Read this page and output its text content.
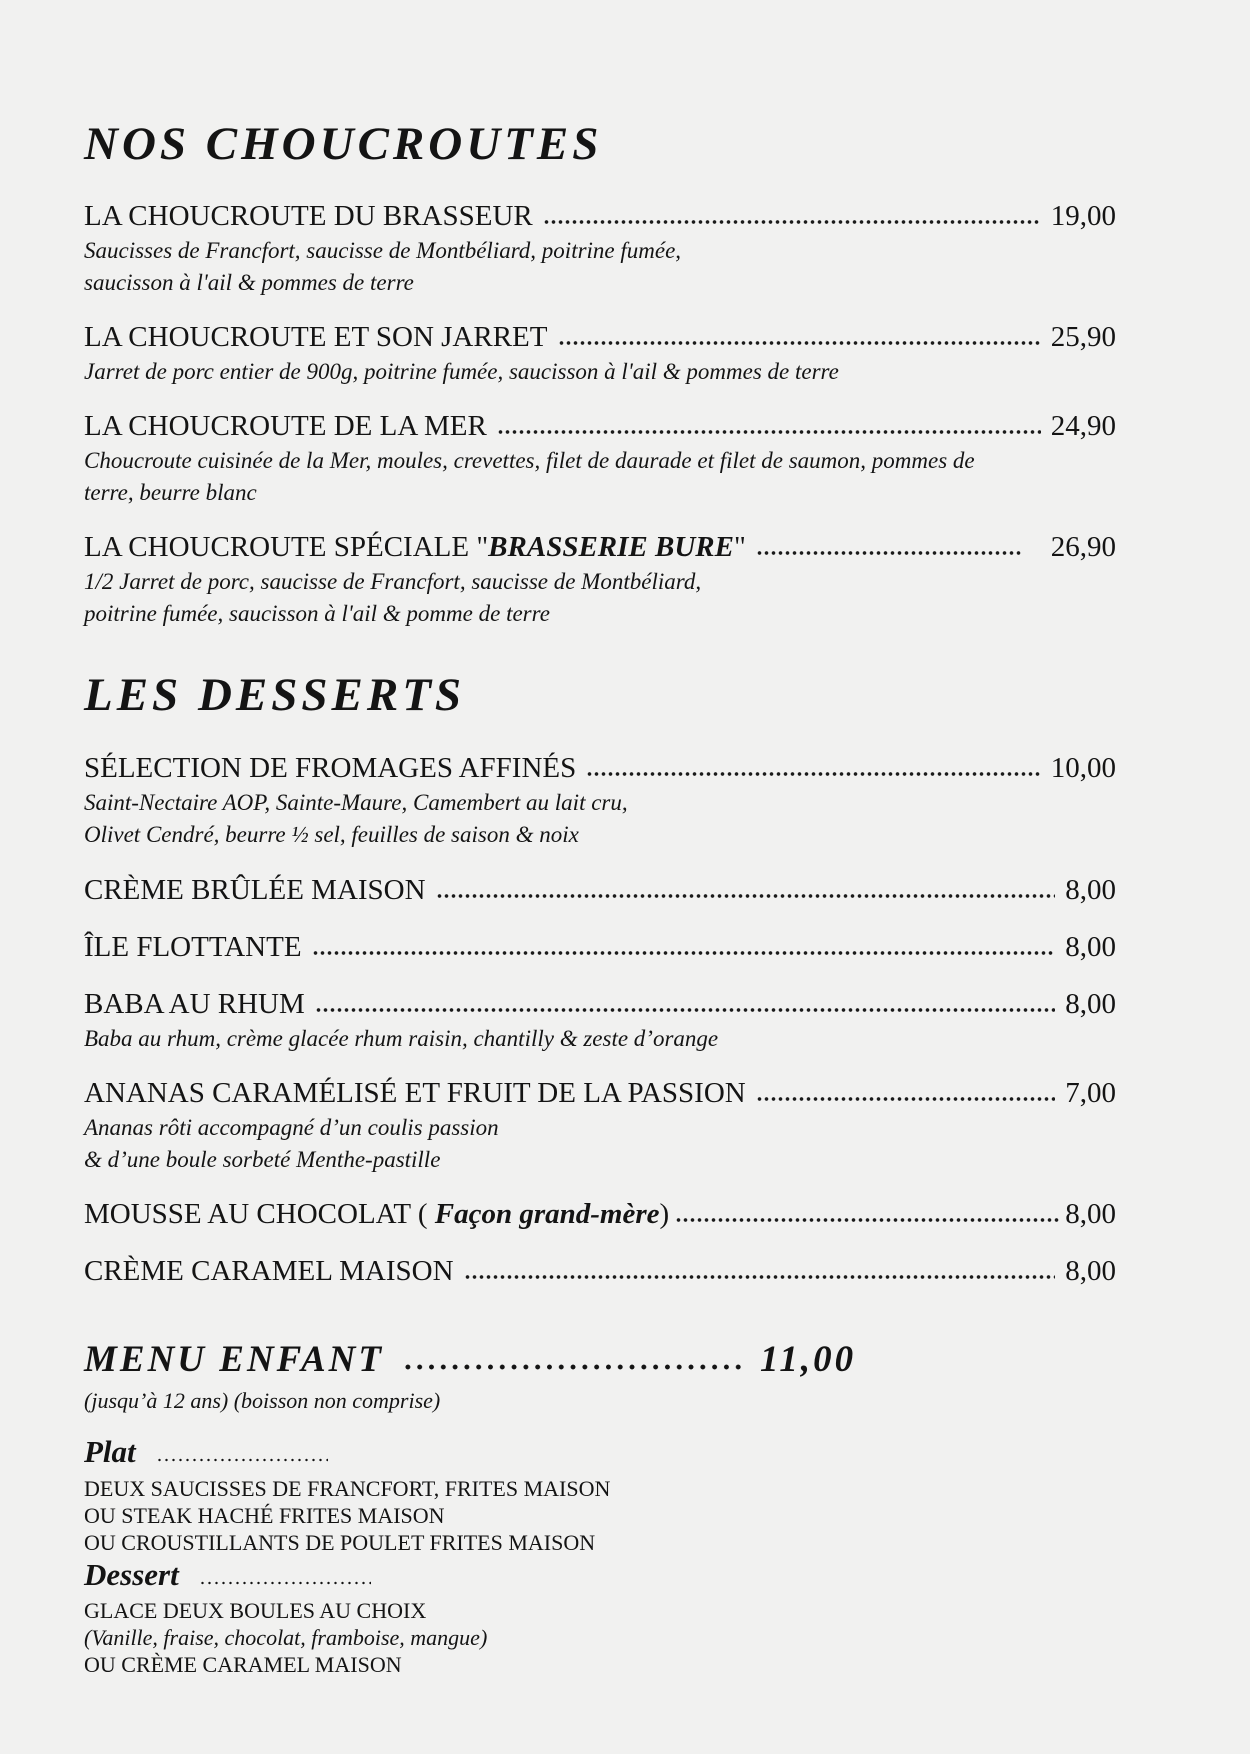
NOS CHOUCROUTES
LA CHOUCROUTE DU BRASSEUR	19,00
Saucisses de Francfort, saucisse de Montbéliard, poitrine fumée,
saucisson à l'ail & pommes de terre
LA CHOUCROUTE ET SON JARRET	25,90
Jarret de porc entier de 900g, poitrine fumée, saucisson à l'ail & pommes de terre
LA CHOUCROUTE DE LA MER	24,90
Choucroute cuisinée de la Mer, moules, crevettes, filet de daurade et filet de saumon, pommes de
terre, beurre blanc
LA CHOUCROUTE SPÉCIALE "BRASSERIE BURE"	26,90
1/2 Jarret de porc, saucisse de Francfort, saucisse de Montbéliard,
poitrine fumée, saucisson à l'ail & pomme de terre
LES DESSERTS
SÉLECTION DE FROMAGES AFFINÉS	10,00
Saint-Nectaire AOP, Sainte-Maure, Camembert au lait cru,
Olivet Cendré, beurre ½ sel, feuilles de saison & noix
CRÈME BRÛLÉE MAISON	8,00
ÎLE FLOTTANTE	8,00
BABA AU RHUM	8,00
Baba au rhum, crème glacée rhum raisin, chantilly & zeste d’orange
ANANAS CARAMÉLISÉ ET FRUIT DE LA PASSION	7,00
Ananas rôti accompagné d’un coulis passion
& d’une boule sorbeté Menthe-pastille
MOUSSE AU CHOCOLAT ( Façon grand-mère)	8,00
CRÈME CARAMEL MAISON	8,00
MENU ENFANT	11,00
(jusqu’à 12 ans) (boisson non comprise)
Plat
DEUX SAUCISSES DE FRANCFORT, FRITES MAISON
OU STEAK HACHÉ FRITES MAISON
OU CROUSTILLANTS DE POULET FRITES MAISON
Dessert
GLACE DEUX BOULES AU CHOIX
(Vanille, fraise, chocolat, framboise, mangue)
OU CRÈME CARAMEL MAISON
